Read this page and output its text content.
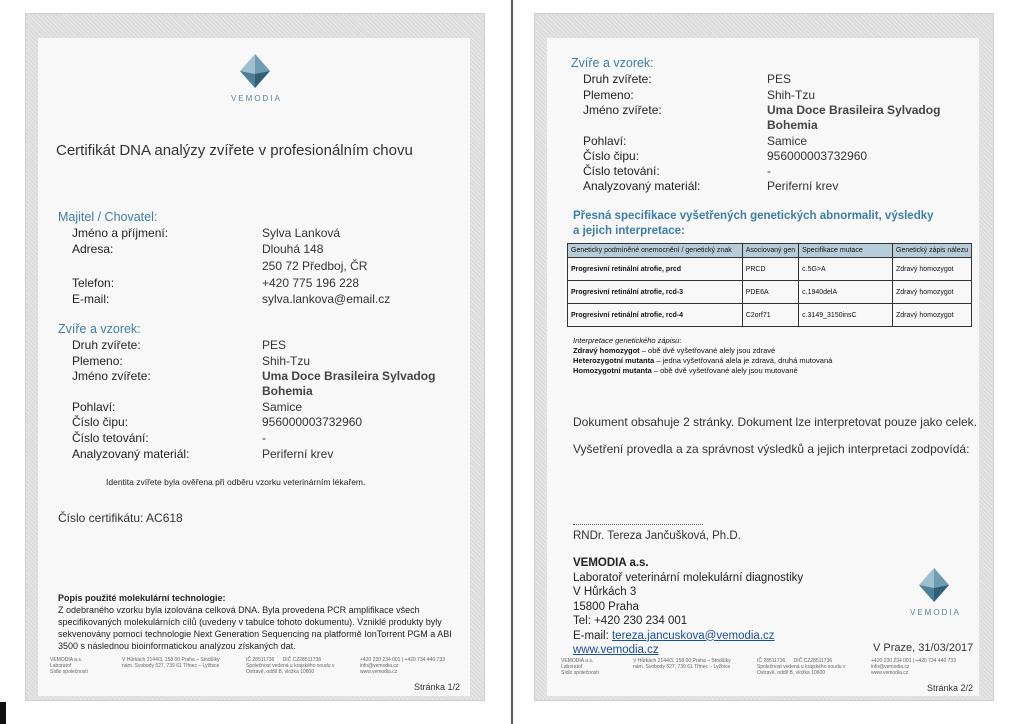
VEMODIA
Certifikát DNA analýzy zvířete v profesionálním chovu
Majitel / Chovatel:
Jméno a příjmení:	Sylva Lanková
Adresa:	Dlouhá 148
250 72 Předboj, ČR
Telefon:	+420 775 196 228
E-mail:	sylva.lankova@email.cz
Zvíře a vzorek:
Druh zvířete:	PES
Plemeno:	Shih-Tzu
Jméno zvířete:	Uma Doce Brasileira Sylvadog
Bohemia
Pohlaví:	Samice
Číslo čipu:	956000003732960
Číslo tetování:	-
Analyzovaný materiál:	Periferní krev
Identita zvířete byla ověřena při odběru vzorku veterinárním lékařem.
Číslo certifikátu: AC618
Popis použité molekulární technologie:
Z odebraného vzorku byla izolována celková DNA. Byla provedena PCR amplifikace všech specifikovaných molekulárních cílů (uvedeny v tabulce tohoto dokumentu). Vzniklé produkty byly sekvenovány pomocí technologie Next Generation Sequencing na platformě IonTorrent PGM a ABI 3500 s následnou bioinformatickou analýzou získaných dat.
VEMODIA a.s.
Laboratoř
Sídlo společnosti
V Hůrkách 2144/3, 158 00 Praha – Stodůlky
nám. Svobody 527, 739 61 Třinec – Lyžbice
IČ 28511736      DIČ CZ28511736
Společnost vedená u krajského soudu v
Ostravě, oddíl B, vložka 10600
+420 230 234 001 | +420 734 440 733
info@vemodia.cz
www.vemodia.cz
Stránka 1/2
Zvíře a vzorek:
Druh zvířete:	PES
Plemeno:	Shih-Tzu
Jméno zvířete:	Uma Doce Brasileira Sylvadog
Bohemia
Pohlaví:	Samice
Číslo čipu:	956000003732960
Číslo tetování:	-
Analyzovaný materiál:	Periferní krev
Přesná specifikace vyšetřených genetických abnormalit, výsledky
a jejich interpretace:
Geneticky podmíněné onemocnění / genetický znak	Asociovaný gen	Specifikace mutace	Genetický zápis nálezu
Progresivní retinální atrofie, prcd	PRCD	c.5G>A	Zdravý homozygot
Progresivní retinální atrofie, rcd-3	PDE6A	c.1940delA	Zdravý homozygot
Progresivní retinální atrofie, rcd-4	C2orf71	c.3149_3150insC	Zdravý homozygot
Interpretace genetického zápisu:
Zdravý homozygot – obě dvě vyšetřované alely jsou zdravé
Heterozygotní mutanta – jedna vyšetřovaná alela je zdravá, druhá mutovaná
Homozygotní mutanta – obě dvě vyšetřované alely jsou mutované
Dokument obsahuje 2 stránky. Dokument lze interpretovat pouze jako celek.
Vyšetření provedla a za správnost výsledků a jejich interpretaci zodpovídá:
RNDr. Tereza Jančušková, Ph.D.
VEMODIA a.s.
Laboratoř veterinární molekulární diagnostiky
V Hůrkách 3
15800 Praha
Tel: +420 230 234 001
E-mail: tereza.jancuskova@vemodia.cz
www.vemodia.cz
VEMODIA
V Praze, 31/03/2017
VEMODIA a.s.
Laboratoř
Sídlo společnosti
V Hůrkách 2144/3, 158 00 Praha – Stodůlky
nám. Svobody 527, 739 61 Třinec – Lyžbice
IČ 28511736      DIČ CZ28511736
Společnost vedená u krajského soudu v
Ostravě, oddíl B, vložka 10600
+420 230 234 001 | +420 734 440 733
info@vemodia.cz
www.vemodia.cz
Stránka 2/2
